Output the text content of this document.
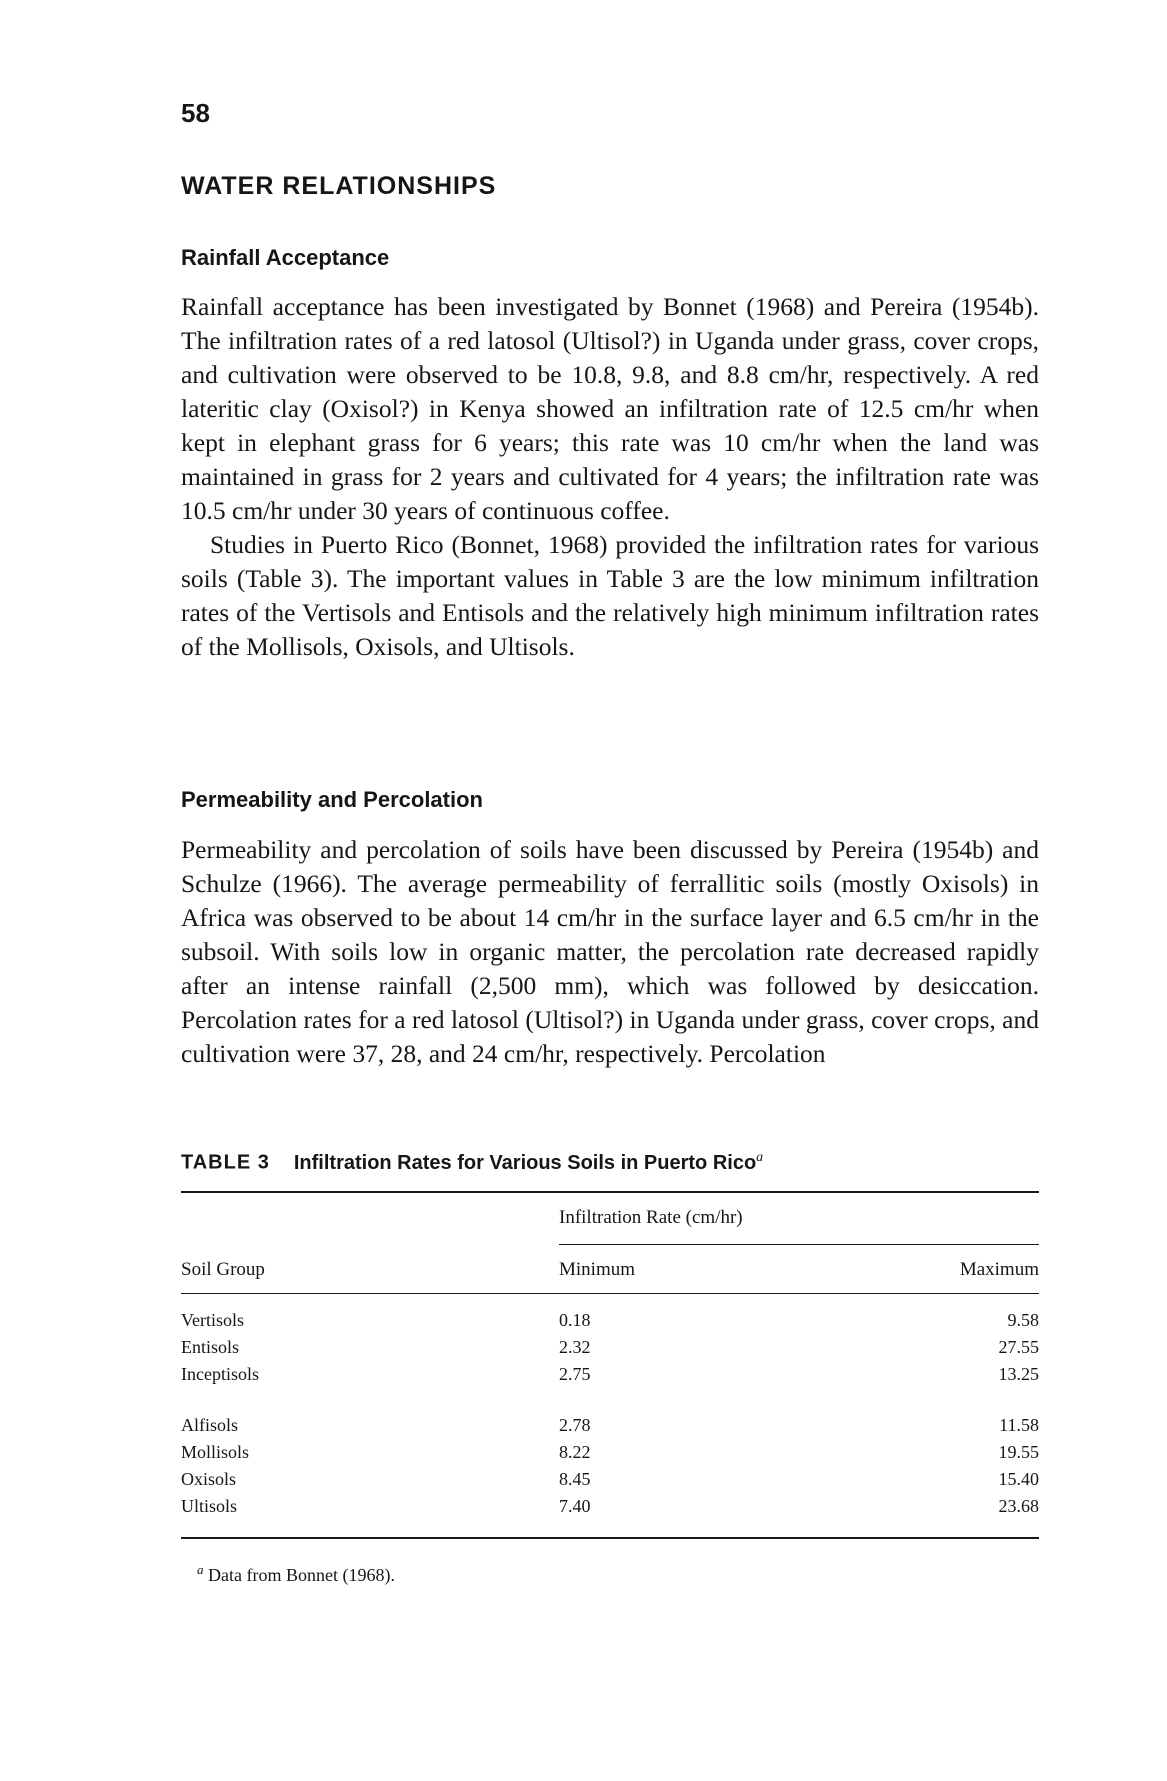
58
WATER RELATIONSHIPS
Rainfall Acceptance

Rainfall acceptance has been investigated by Bonnet (1968) and Pereira (1954b). The infiltration rates of a red latosol (Ultisol?) in Uganda under grass, cover crops, and cultivation were observed to be 10.8, 9.8, and 8.8 cm/hr, respectively. A red lateritic clay (Oxisol?) in Kenya showed an infiltration rate of 12.5 cm/hr when kept in elephant grass for 6 years; this rate was 10 cm/hr when the land was maintained in grass for 2 years and cultivated for 4 years; the infiltration rate was 10.5 cm/hr under 30 years of continuous coffee.

Studies in Puerto Rico (Bonnet, 1968) provided the infiltration rates for various soils (Table 3). The important values in Table 3 are the low minimum infiltration rates of the Vertisols and Entisols and the relatively high minimum infiltration rates of the Mollisols, Oxisols, and Ultisols.

Permeability and Percolation

Permeability and percolation of soils have been discussed by Pereira (1954b) and Schulze (1966). The average permeability of ferrallitic soils (mostly Oxisols) in Africa was observed to be about 14 cm/hr in the surface layer and 6.5 cm/hr in the subsoil. With soils low in organic matter, the percolation rate decreased rapidly after an intense rainfall (2,500 mm), which was followed by desiccation. Percolation rates for a red latosol (Ultisol?) in Uganda under grass, cover crops, and cultivation were 37, 28, and 24 cm/hr, respectively. Percolation

TABLE 3 Infiltration Rates for Various Soils in Puerto Rico$^a$
Infiltration Rate (cm/hr)
Soil Group	Minimum	Maximum
Vertisols	0.18	9.58
Entisols	2.32	27.55
Inceptisols	2.75	13.25
Alfisols	2.78	11.58
Mollisols	8.22	19.55
Oxisols	8.45	15.40
Ultisols	7.40	23.68
$^a$ Data from Bonnet (1968).
